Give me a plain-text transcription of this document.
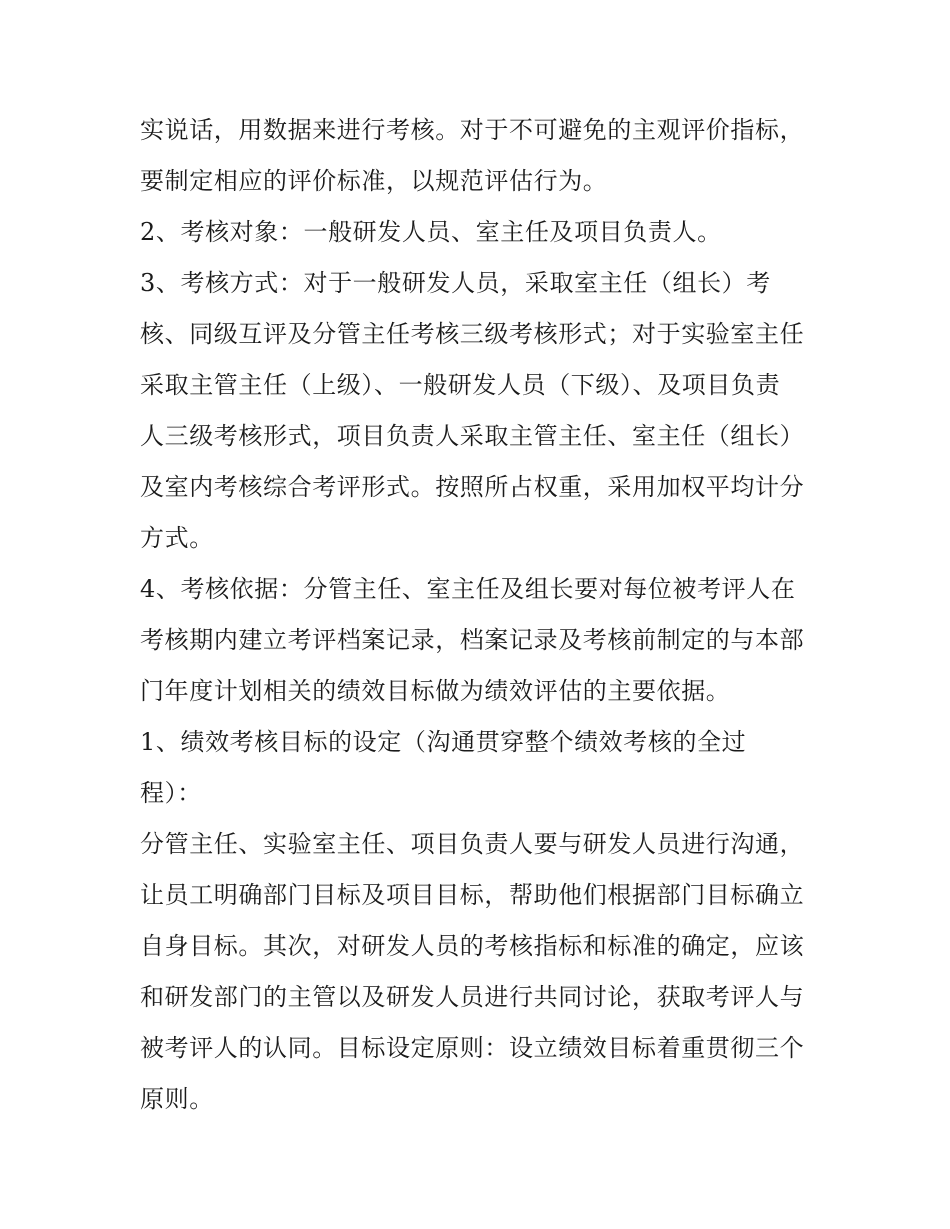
实说话，用数据来进行考核。对于不可避免的主观评价指标，
要制定相应的评价标准，以规范评估行为。
2、考核对象：一般研发人员、室主任及项目负责人。
3、考核方式：对于一般研发人员，采取室主任（组长）考
核、同级互评及分管主任考核三级考核形式；对于实验室主任
采取主管主任（上级）、一般研发人员（下级）、及项目负责
人三级考核形式，项目负责人采取主管主任、室主任（组长）
及室内考核综合考评形式。按照所占权重，采用加权平均计分
方式。
4、考核依据：分管主任、室主任及组长要对每位被考评人在
考核期内建立考评档案记录，档案记录及考核前制定的与本部
门年度计划相关的绩效目标做为绩效评估的主要依据。
1、绩效考核目标的设定（沟通贯穿整个绩效考核的全过
程）：
分管主任、实验室主任、项目负责人要与研发人员进行沟通，
让员工明确部门目标及项目目标，帮助他们根据部门目标确立
自身目标。其次，对研发人员的考核指标和标准的确定，应该
和研发部门的主管以及研发人员进行共同讨论，获取考评人与
被考评人的认同。目标设定原则：设立绩效目标着重贯彻三个
原则。
